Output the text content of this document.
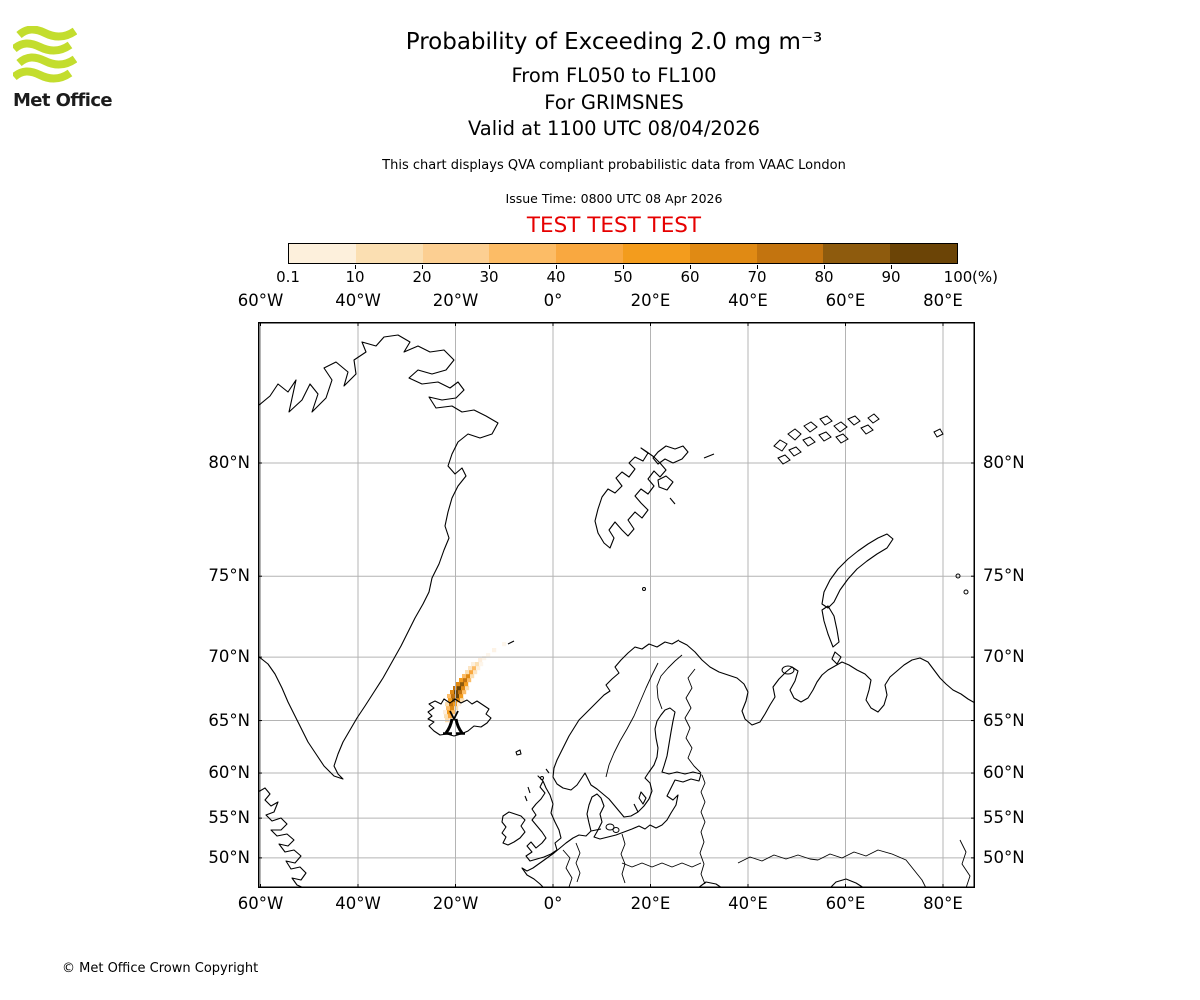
Met Office
Probability of Exceeding 2.0 mg m⁻³
From FL050 to FL100
For GRIMSNES
Valid at 1100 UTC 08/04/2026
This chart displays QVA compliant probabilistic data from VAAC London
Issue Time: 0800 UTC 08 Apr 2026
TEST TEST TEST
(%)
© Met Office Crown Copyright
0.1	10	20	30	40	50	60	70	80	90	100
60°W
60°W
40°W
40°W
20°W
20°W
0°
0°
20°E
20°E
40°E
40°E
60°E
60°E
80°E
80°E
80°N	80°N
75°N	75°N
70°N	70°N
65°N	65°N
60°N	60°N
55°N	55°N
50°N	50°N
